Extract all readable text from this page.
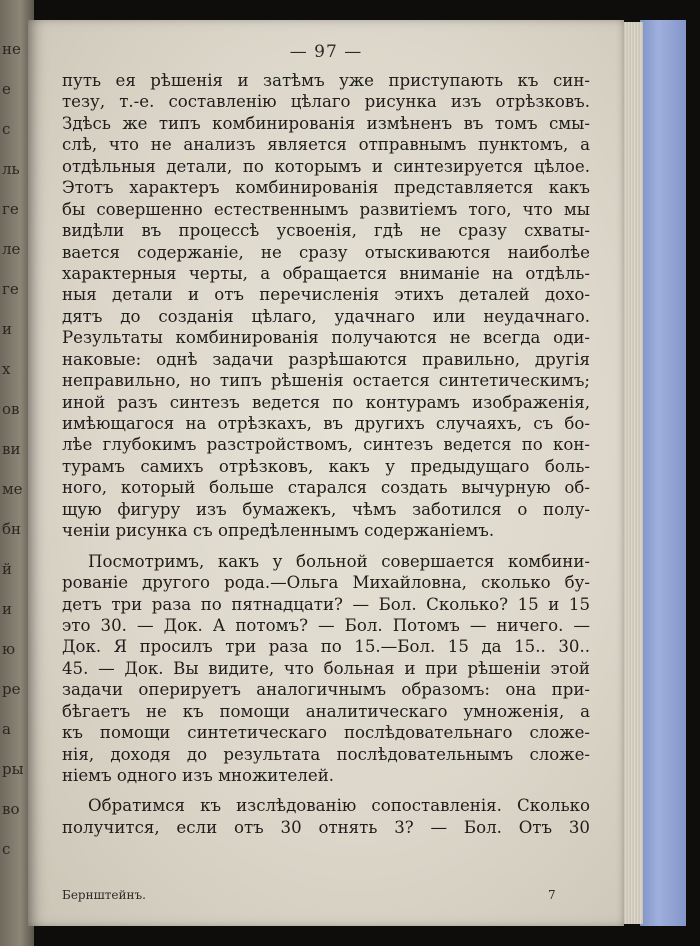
не
е
с
ль
ге
ле
ге
и
х
ов
ви
ме
бн
й
и
ю
ре
а
ры
во
с
— 97 —
путь ея рѣшенія и затѣмъ уже приступають къ син-
тезу, т.-е. составленію цѣлаго рисунка изъ отрѣзковъ.
Здѣсь же типъ комбинированія измѣненъ въ томъ смы-
слѣ, что не анализъ является отправнымъ пунктомъ, а
отдѣльныя детали, по которымъ и синтезируется цѣлое.
Этотъ характеръ комбинированія представляется какъ
бы совершенно естественнымъ развитіемъ того, что мы
видѣли въ процессѣ усвоенія, гдѣ не сразу схваты-
вается содержаніе, не сразу отыскиваются наиболѣе
характерныя черты, а обращается вниманіе на отдѣль-
ныя детали и отъ перечисленія этихъ деталей дохо-
дятъ до созданія цѣлаго, удачнаго или неудачнаго.
Результаты комбинированія получаются не всегда оди-
наковые: однѣ задачи разрѣшаются правильно, другія
неправильно, но типъ рѣшенія остается синтетическимъ;
иной разъ синтезъ ведется по контурамъ изображенія,
имѣющагося на отрѣзкахъ, въ другихъ случаяхъ, съ бо-
лѣе глубокимъ разстройствомъ, синтезъ ведется по кон-
турамъ самихъ отрѣзковъ, какъ у предыдущаго боль-
ного, который больше старался создать вычурную об-
щую фигуру изъ бумажекъ, чѣмъ заботился о полу-
ченіи рисунка съ опредѣленнымъ содержаніемъ.
Посмотримъ, какъ у больной совершается комбини-
рованіе другого рода.—Ольга Михайловна, сколько бу-
детъ три раза по пятнадцати? — Бол. Сколько? 15 и 15
это 30. — Док. А потомъ? — Бол. Потомъ — ничего. —
Док. Я просилъ три раза по 15.—Бол. 15 да 15.. 30..
45. — Док. Вы видите, что больная и при рѣшеніи этой
задачи оперируетъ аналогичнымъ образомъ: она при-
бѣгаетъ не къ помощи аналитическаго умноженія, а
къ помощи синтетическаго послѣдовательнаго сложе-
нія, доходя до результата послѣдовательнымъ сложе-
ніемъ одного изъ множителей.
Обратимся къ изслѣдованію сопоставленія. Сколько
получится, если отъ 30 отнять 3? — Бол. Отъ 30
Бернштейнъ.	7
